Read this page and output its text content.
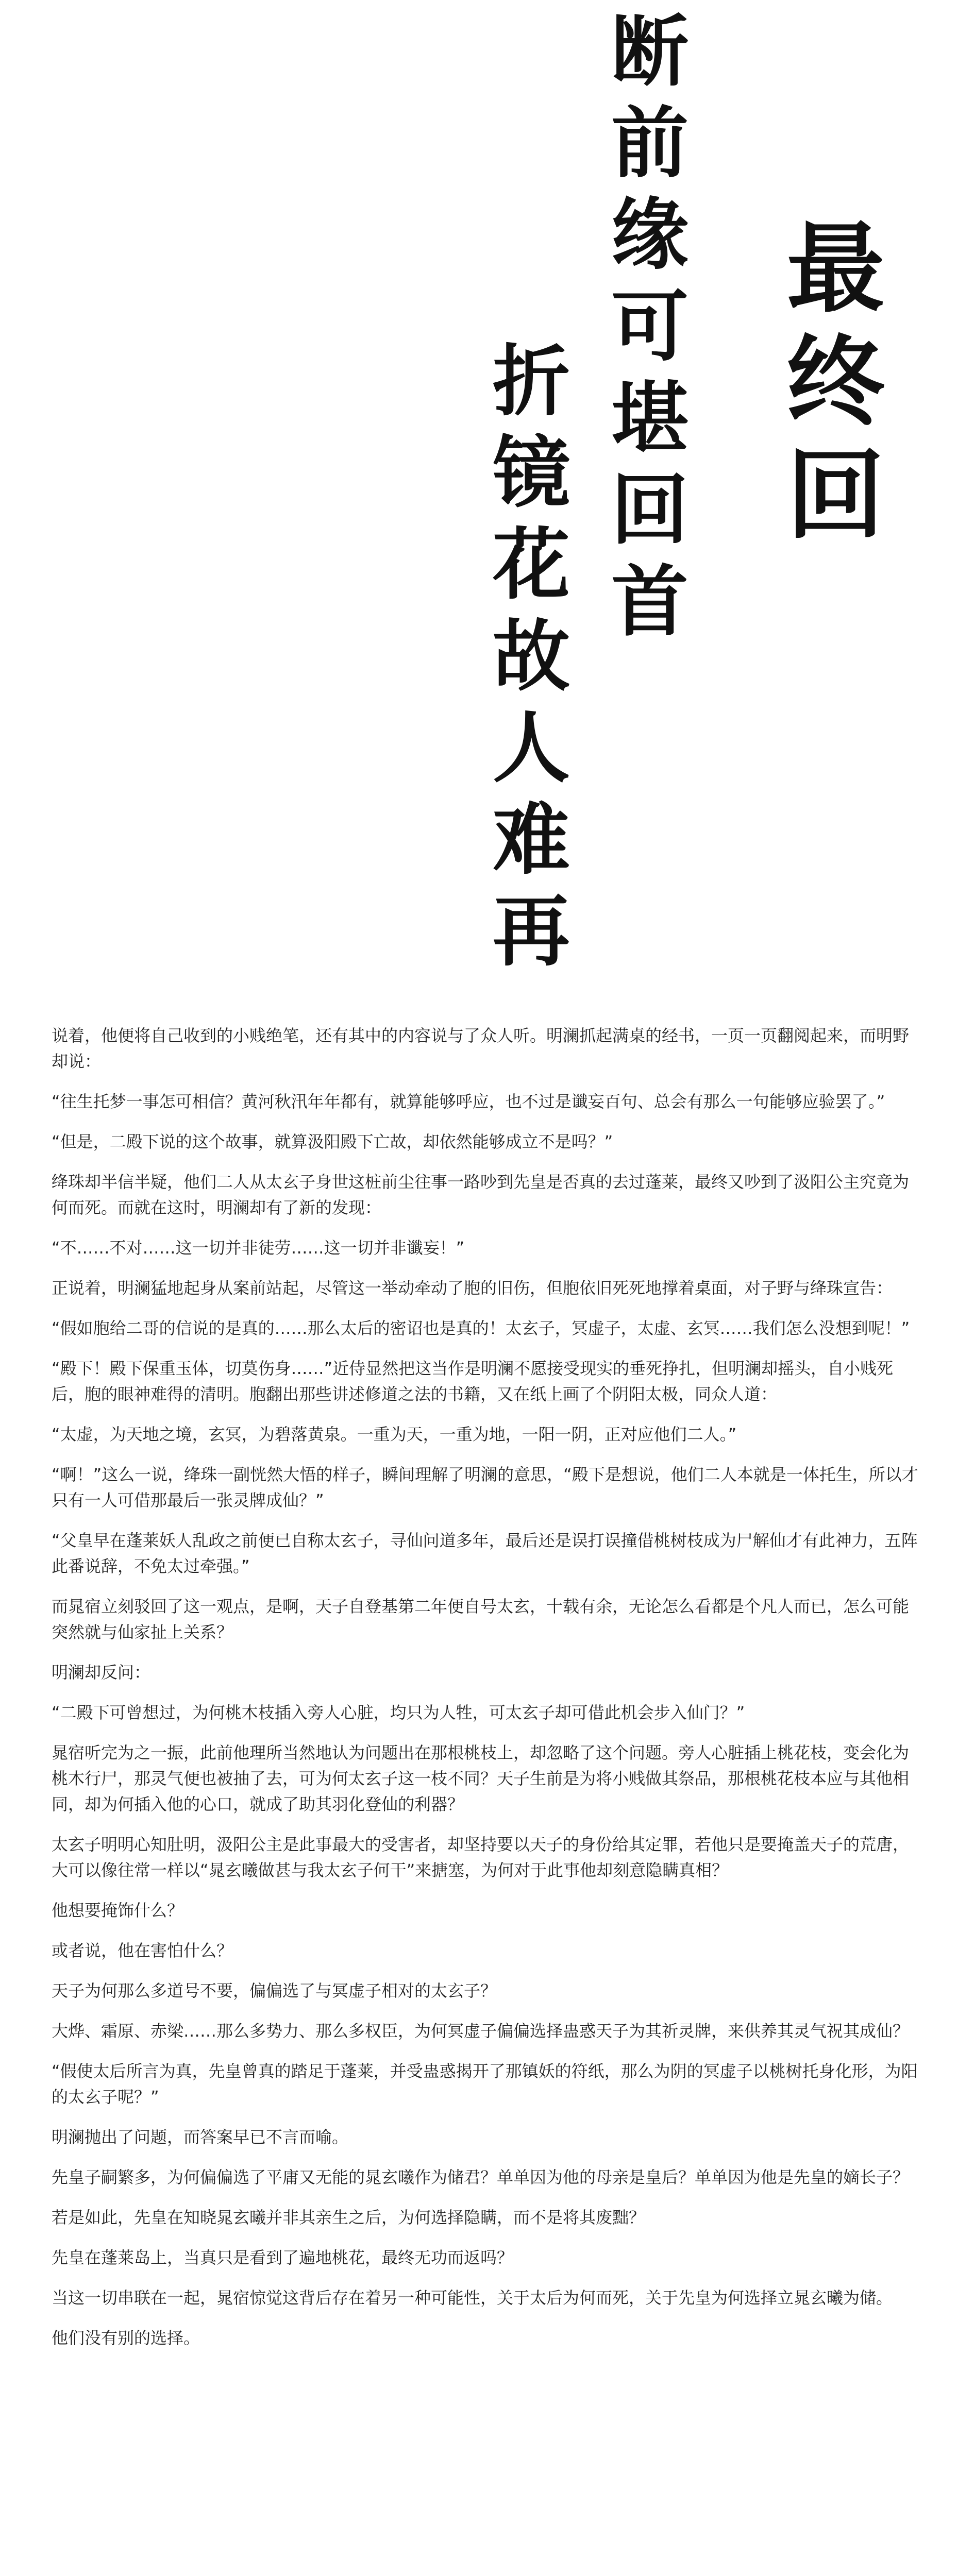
最终回
断前缘可堪回首
折镜花故人难再

说着，他便将自己收到的小贱绝笔，还有其中的内容说与了众人听。明澜抓起满桌的经书，一页一页翻阅起来，而明野却说：

“往生托梦一事怎可相信？黄河秋汛年年都有，就算能够呼应，也不过是谶妄百句、总会有那么一句能够应验罢了。”

“但是，二殿下说的这个故事，就算汲阳殿下亡故，却依然能够成立不是吗？”

绛珠却半信半疑，他们二人从太玄子身世这桩前尘往事一路吵到先皇是否真的去过蓬莱，最终又吵到了汲阳公主究竟为何而死。而就在这时，明澜却有了新的发现：

“不……不对……这一切并非徒劳……这一切并非谶妄！”

正说着，明澜猛地起身从案前站起，尽管这一举动牵动了胞的旧伤，但胞依旧死死地撑着桌面，对子野与绛珠宣告：

“假如胞给二哥的信说的是真的……那么太后的密诏也是真的！太玄子，冥虚子，太虚、玄冥……我们怎么没想到呢！”

“殿下！殿下保重玉体，切莫伤身……”近侍显然把这当作是明澜不愿接受现实的垂死挣扎，但明澜却摇头，自小贱死后，胞的眼神难得的清明。胞翻出那些讲述修道之法的书籍，又在纸上画了个阴阳太极，同众人道：

“太虚，为天地之境，玄冥，为碧落黄泉。一重为天，一重为地，一阳一阴，正对应他们二人。”

“啊！”这么一说，绛珠一副恍然大悟的样子，瞬间理解了明澜的意思，“殿下是想说，他们二人本就是一体托生，所以才只有一人可借那最后一张灵牌成仙？”

“父皇早在蓬莱妖人乱政之前便已自称太玄子，寻仙问道多年，最后还是误打误撞借桃树枝成为尸解仙才有此神力，五阵此番说辞，不免太过牵强。”

而晁宿立刻驳回了这一观点，是啊，天子自登基第二年便自号太玄，十载有余，无论怎么看都是个凡人而已，怎么可能突然就与仙家扯上关系？

明澜却反问：

“二殿下可曾想过，为何桃木枝插入旁人心脏，均只为人牲，可太玄子却可借此机会步入仙门？”

晁宿听完为之一振，此前他理所当然地认为问题出在那根桃枝上，却忽略了这个问题。旁人心脏插上桃花枝，变会化为桃木行尸，那灵气便也被抽了去，可为何太玄子这一枝不同？天子生前是为将小贱做其祭品，那根桃花枝本应与其他相同，却为何插入他的心口，就成了助其羽化登仙的利器？

太玄子明明心知肚明，汲阳公主是此事最大的受害者，却坚持要以天子的身份给其定罪，若他只是要掩盖天子的荒唐，大可以像往常一样以“晁玄曦做甚与我太玄子何干”来搪塞，为何对于此事他却刻意隐瞒真相？

他想要掩饰什么？

或者说，他在害怕什么？

天子为何那么多道号不要，偏偏选了与冥虚子相对的太玄子？

大烨、霜原、赤梁……那么多势力、那么多权臣，为何冥虚子偏偏选择蛊惑天子为其祈灵牌，来供养其灵气祝其成仙？

“假使太后所言为真，先皇曾真的踏足于蓬莱，并受蛊惑揭开了那镇妖的符纸，那么为阴的冥虚子以桃树托身化形，为阳的太玄子呢？”

明澜抛出了问题，而答案早已不言而喻。

先皇子嗣繁多，为何偏偏选了平庸又无能的晁玄曦作为储君？单单因为他的母亲是皇后？单单因为他是先皇的嫡长子？

若是如此，先皇在知晓晁玄曦并非其亲生之后，为何选择隐瞒，而不是将其废黜？

先皇在蓬莱岛上，当真只是看到了遍地桃花，最终无功而返吗？

当这一切串联在一起，晁宿惊觉这背后存在着另一种可能性，关于太后为何而死，关于先皇为何选择立晁玄曦为储。

他们没有别的选择。
